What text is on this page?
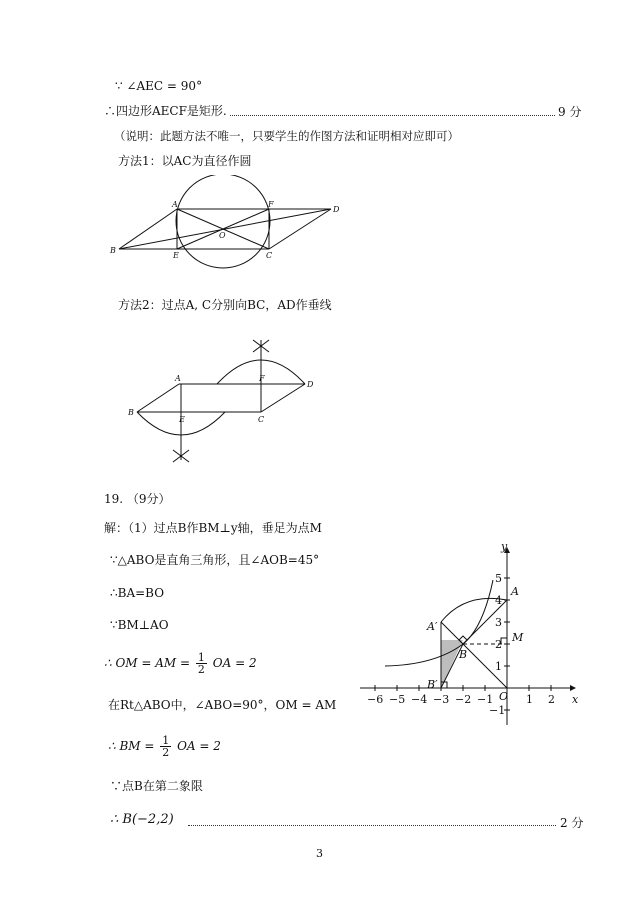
∵ ∠AEC = 90°
∴四边形AECF是矩形.	9 分
（说明：此题方法不唯一，只要学生的作图方法和证明相对应即可）
方法1：以AC为直径作圆
A	F
D
O
B
E	C
方法2：过点A, C分别向BC，AD作垂线
A	F
D
B
E	C
19. （9分）
解：（1）过点B作BM⊥y轴，垂足为点M
∵△ABO是直角三角形，且∠AOB=45°
∴BA=BO
∵BM⊥AO
∴ OM = AM = $\frac{1}{2}$ OA = 2
在Rt△ABO中，∠ABO=90°，OM = AM
∴ BM = $\frac{1}{2}$ OA = 2
∵点B在第二象限
∴ B(−2,2)	2 分
−6 −5 −4 −3 −2 −1	1 2
5
4
3
2
1
−1
x
y
O
A
A′
B
B′
M
3
